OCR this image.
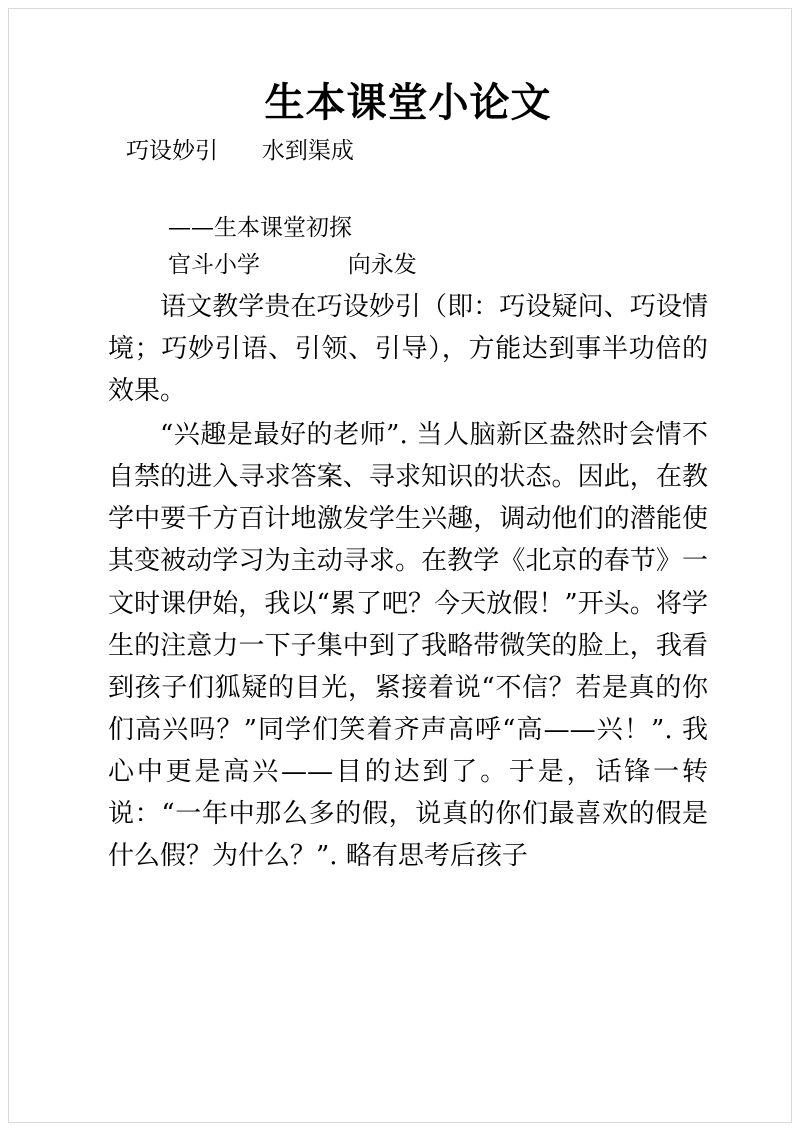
生本课堂小论文
巧设妙引      水到渠成
——生本课堂初探
官斗小学            向永发

语文教学贵在巧设妙引（即：巧设疑问、巧设情境；巧妙引语、引领、引导），方能达到事半功倍的效果。

“兴趣是最好的老师”. 当人脑新区盎然时会情不自禁的进入寻求答案、寻求知识的状态。因此，在教学中要千方百计地激发学生兴趣，调动他们的潜能使其变被动学习为主动寻求。在教学《北京的春节》一文时课伊始，我以“累了吧？今天放假！”开头。将学生的注意力一下子集中到了我略带微笑的脸上，我看到孩子们狐疑的目光，紧接着说“不信？若是真的你们高兴吗？”同学们笑着齐声高呼“高——兴！”. 我心中更是高兴——目的达到了。于是，话锋一转说：“一年中那么多的假，说真的你们最喜欢的假是什么假？为什么？”. 略有思考后孩子
